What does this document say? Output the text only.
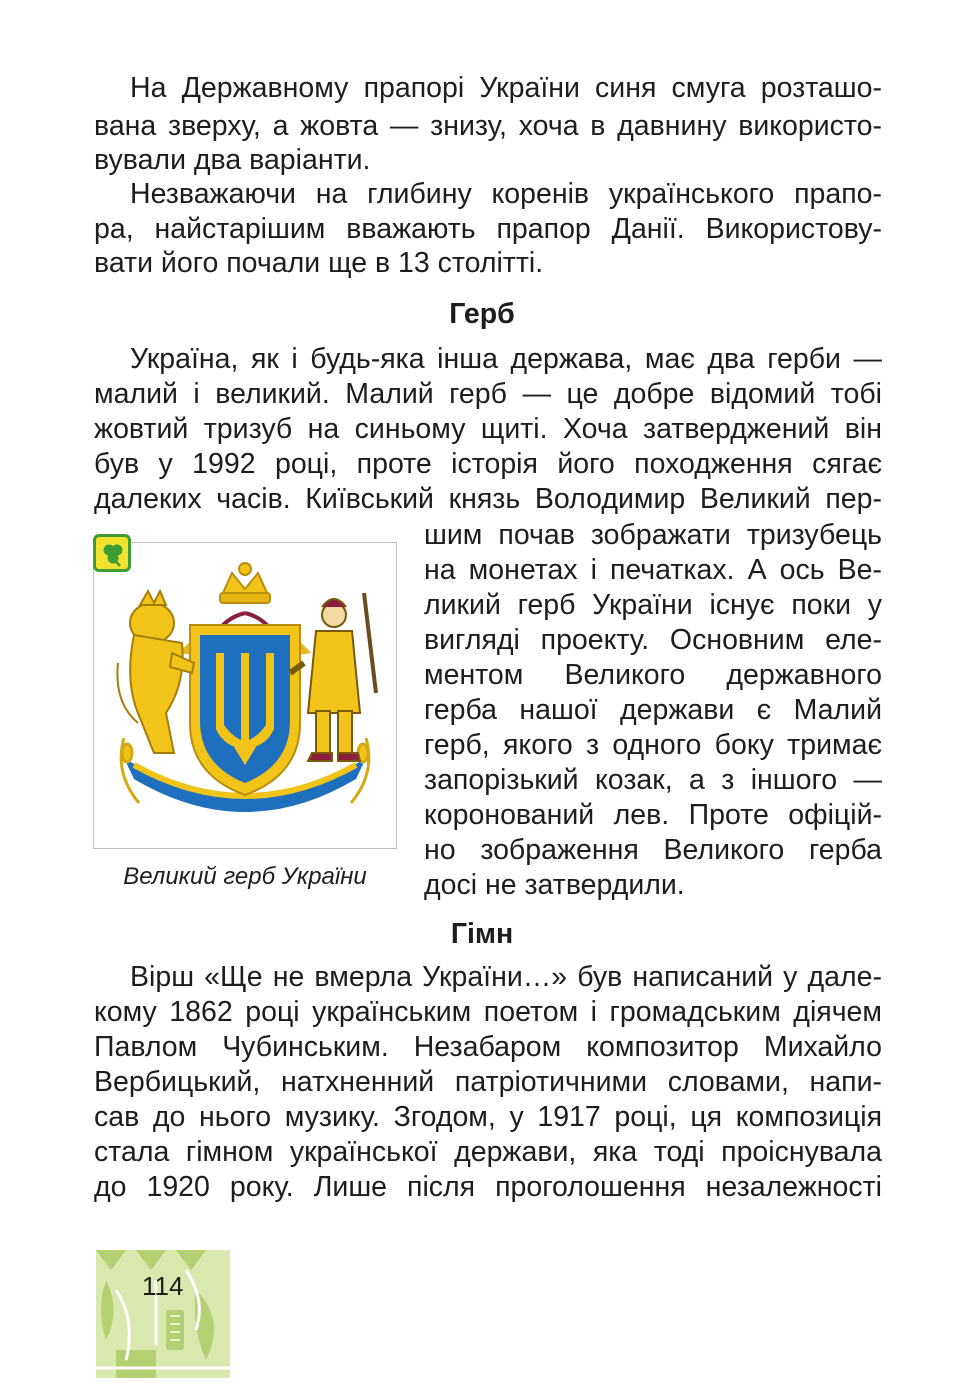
На Державному прапорі України синя смуга розташо-
вана зверху, а жовта — знизу, хоча в давнину використо-
вували два варіанти.
Незважаючи на глибину коренів українського прапо-
ра, найстарішим вважають прапор Данії. Використову-
вати його почали ще в 13 столітті.
Герб
Україна, як і будь-яка інша держава, має два герби —
малий і великий. Малий герб — це добре відомий тобі
жовтий тризуб на синьому щиті. Хоча затверджений він
був у 1992 році, проте історія його походження сягає
далеких часів. Київський князь Володимир Великий пер-
шим почав зображати тризубець
на монетах і печатках. А ось Ве-
ликий герб України існує поки у
вигляді проекту. Основним еле-
ментом Великого державного
герба нашої держави є Малий
герб, якого з одного боку тримає
запорізький козак, а з іншого —
коронований лев. Проте офіцій-
но зображення Великого герба
досі не затвердили.
Великий герб України
Гімн
Вірш «Ще не вмерла України…» був написаний у дале-
кому 1862 році українським поетом і громадським діячем
Павлом Чубинським. Незабаром композитор Михайло
Вербицький, натхненний патріотичними словами, напи-
сав до нього музику. Згодом, у 1917 році, ця композиція
стала гімном української держави, яка тоді проіснувала
до 1920 року. Лише після проголошення незалежності
114
